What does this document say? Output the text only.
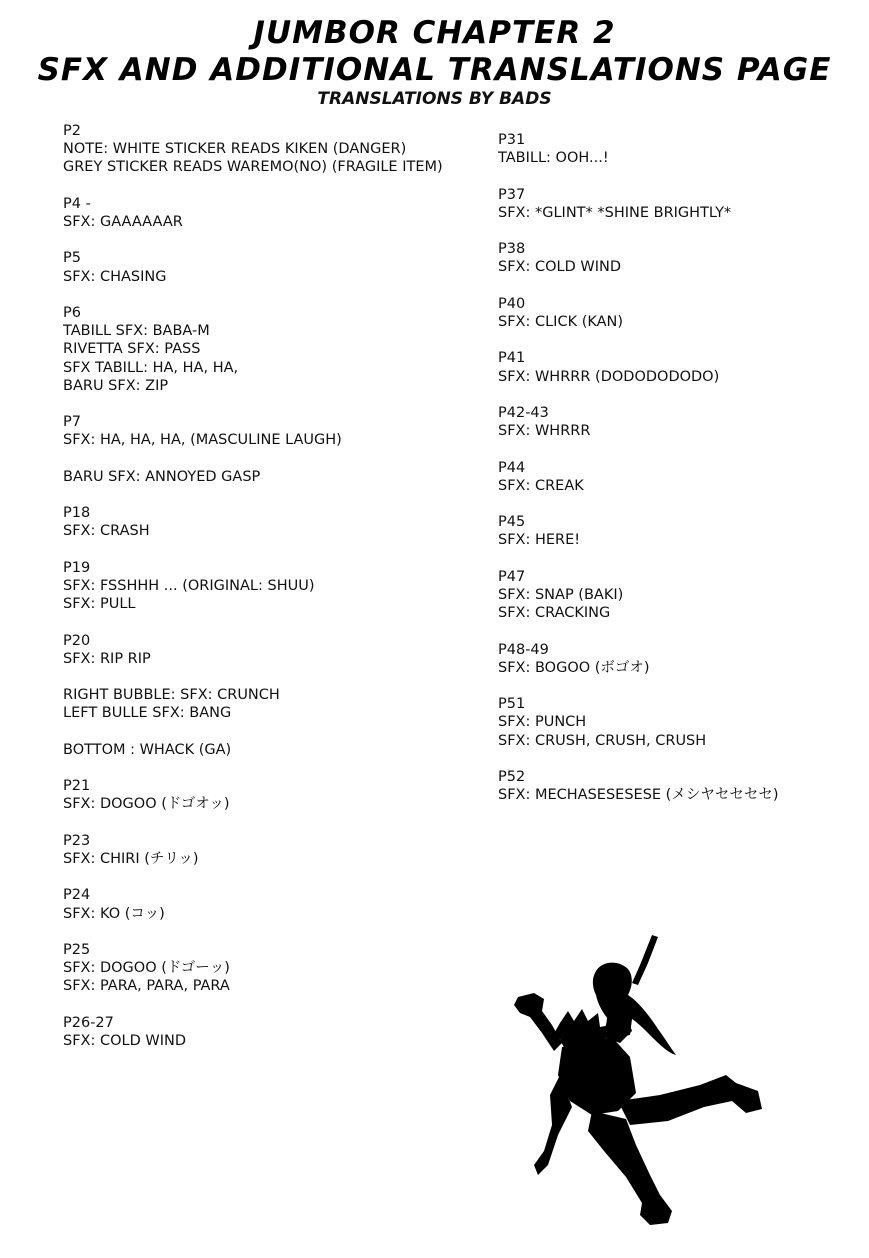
JUMBOR CHAPTER 2
SFX AND ADDITIONAL TRANSLATIONS PAGE
TRANSLATIONS BY BADS
P2
NOTE: WHITE STICKER READS KIKEN (DANGER)
GREY STICKER READS WAREMO(NO) (FRAGILE ITEM)
P4 -
SFX: GAAAAAAR
P5
SFX: CHASING
P6
TABILL SFX: BABA-M
RIVETTA SFX: PASS
SFX TABILL: HA, HA, HA,
BARU SFX: ZIP
P7
SFX: HA, HA, HA, (MASCULINE LAUGH)
BARU SFX: ANNOYED GASP
P18
SFX: CRASH
P19
SFX: FSSHHH ... (ORIGINAL: SHUU)
SFX: PULL
P20
SFX: RIP RIP
RIGHT BUBBLE: SFX: CRUNCH
LEFT BULLE SFX: BANG
BOTTOM : WHACK (GA)
P21
SFX: DOGOO (ドゴオッ)
P23
SFX: CHIRI (チリッ)
P24
SFX: KO (コッ)
P25
SFX: DOGOO (ドゴーッ)
SFX: PARA, PARA, PARA
P26-27
SFX: COLD WIND
P31
TABILL: OOH...!
P37
SFX: *GLINT* *SHINE BRIGHTLY*
P38
SFX: COLD WIND
P40
SFX: CLICK (KAN)
P41
SFX: WHRRR (DODODODODO)
P42-43
SFX: WHRRR
P44
SFX: CREAK
P45
SFX: HERE!
P47
SFX: SNAP (BAKI)
SFX: CRACKING
P48-49
SFX: BOGOO (ボゴオ)
P51
SFX: PUNCH
SFX: CRUSH, CRUSH, CRUSH
P52
SFX: MECHASESESESE (メシヤセセセセ)
